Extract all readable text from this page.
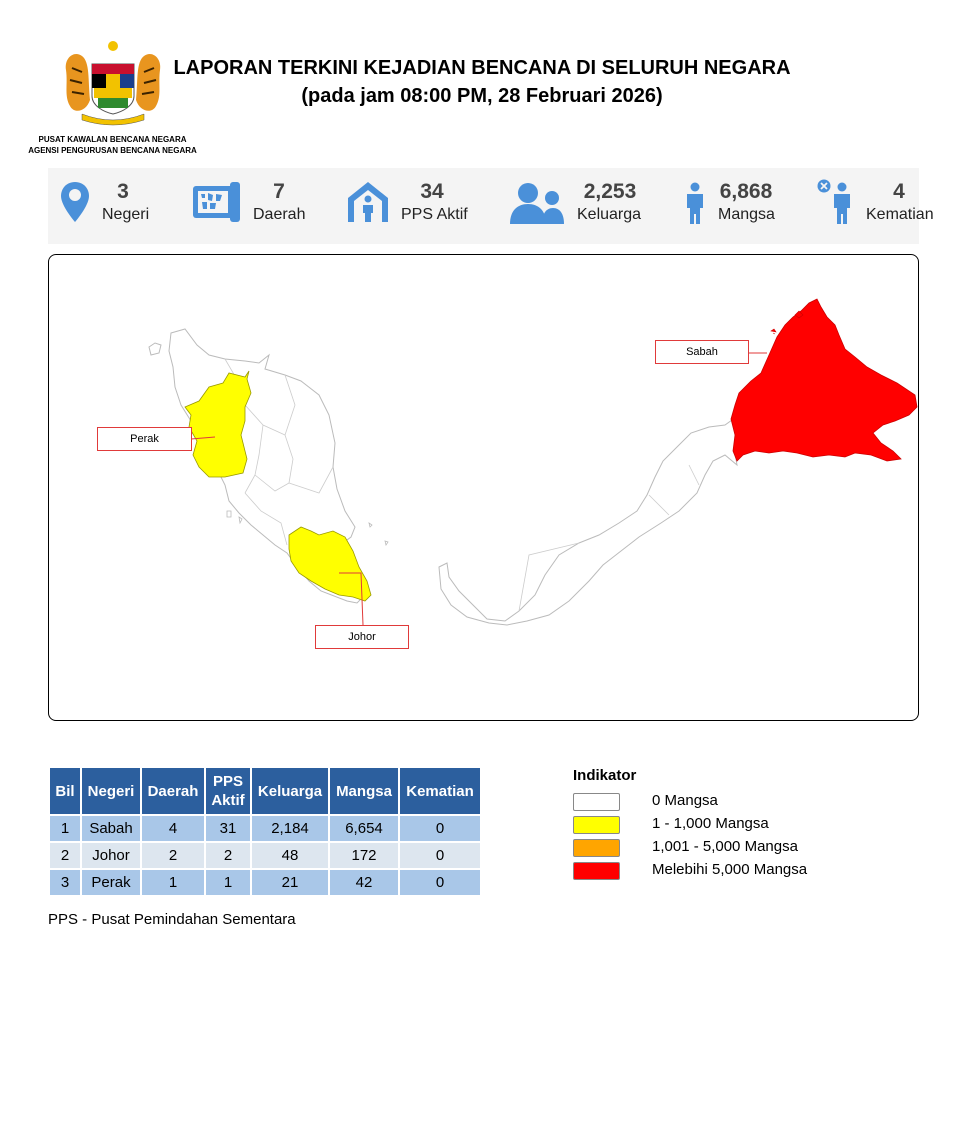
PUSAT KAWALAN BENCANA NEGARA
AGENSI PENGURUSAN BENCANA NEGARA
LAPORAN TERKINI KEJADIAN BENCANA DI SELURUH NEGARA
(pada jam 08:00 PM, 28 Februari 2026)
3
Negeri
7
Daerah
34
PPS Aktif
2,253
Keluarga
6,868
Mangsa
4
Kematian
Perak
Johor
Sabah
Bil	Negeri	Daerah	PPS Aktif	Keluarga	Mangsa	Kematian
1	Sabah	4	31	2,184	6,654	0
2	Johor	2	2	48	172	0
3	Perak	1	1	21	42	0
PPS - Pusat Pemindahan Sementara
Indikator
0 Mangsa
1 - 1,000 Mangsa
1,001 - 5,000 Mangsa
Melebihi 5,000 Mangsa
